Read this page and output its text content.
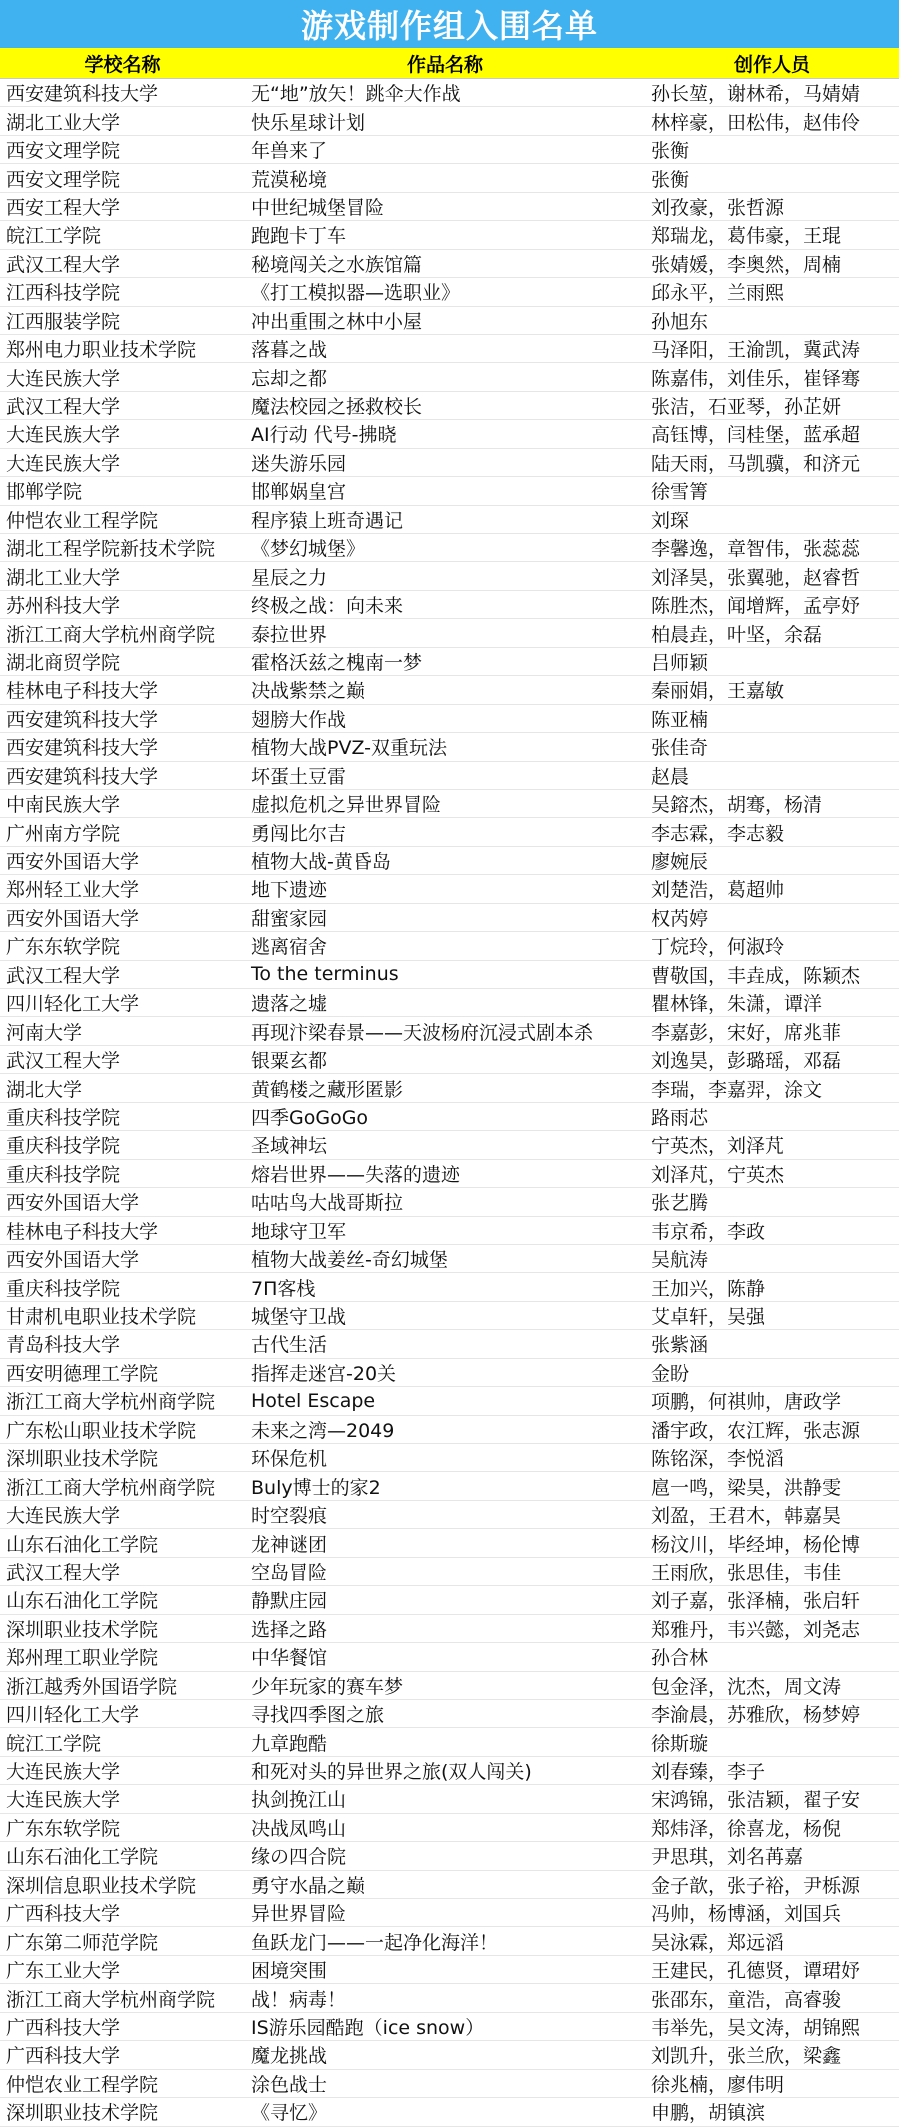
游戏制作组入围名单
学校名称	作品名称	创作人员
西安建筑科技大学	无“地”放矢！跳伞大作战	孙长堃，谢林希，马婧婧
湖北工业大学	快乐星球计划	林梓豪，田松伟，赵伟伶
西安文理学院	年兽来了	张衡
西安文理学院	荒漠秘境	张衡
西安工程大学	中世纪城堡冒险	刘孜豪，张哲源
皖江工学院	跑跑卡丁车	郑瑞龙，葛伟豪，王琨
武汉工程大学	秘境闯关之水族馆篇	张婧媛，李奥然，周楠
江西科技学院	《打工模拟器—选职业》	邱永平，兰雨熙
江西服装学院	冲出重围之林中小屋	孙旭东
郑州电力职业技术学院	落暮之战	马泽阳，王渝凯，冀武涛
大连民族大学	忘却之都	陈嘉伟，刘佳乐，崔铎骞
武汉工程大学	魔法校园之拯救校长	张洁，石亚琴，孙芷妍
大连民族大学	AI行动 代号-拂晓	高钰博，闫桂堡，蓝承超
大连民族大学	迷失游乐园	陆天雨，马凯骥，和济元
邯郸学院	邯郸娲皇宫	徐雪箐
仲恺农业工程学院	程序猿上班奇遇记	刘琛
湖北工程学院新技术学院	《梦幻城堡》	李馨逸，章智伟，张蕊蕊
湖北工业大学	星辰之力	刘泽昊，张翼驰，赵睿哲
苏州科技大学	终极之战：向未来	陈胜杰，闻增辉，孟亭妤
浙江工商大学杭州商学院	泰拉世界	柏晨垚，叶坚，余磊
湖北商贸学院	霍格沃兹之槐南一梦	吕师颖
桂林电子科技大学	决战紫禁之巅	秦丽娟，王嘉敏
西安建筑科技大学	翅膀大作战	陈亚楠
西安建筑科技大学	植物大战PVZ-双重玩法	张佳奇
西安建筑科技大学	坏蛋土豆雷	赵晨
中南民族大学	虚拟危机之异世界冒险	吴鎔杰，胡骞，杨清
广州南方学院	勇闯比尔吉	李志霖，李志毅
西安外国语大学	植物大战-黄昏岛	廖婉辰
郑州轻工业大学	地下遗迹	刘楚浩，葛超帅
西安外国语大学	甜蜜家园	权芮婷
广东东软学院	逃离宿舍	丁烷玲，何淑玲
武汉工程大学	To the terminus	曹敬国，丰垚成，陈颖杰
四川轻化工大学	遗落之墟	瞿林锋，朱潇，谭洋
河南大学	再现汴梁春景——天波杨府沉浸式剧本杀	李嘉彭，宋好，席兆菲
武汉工程大学	银粟玄都	刘逸昊，彭璐瑶，邓磊
湖北大学	黄鹤楼之藏形匿影	李瑞，李嘉羿，涂文
重庆科技学院	四季GoGoGo	路雨芯
重庆科技学院	圣域神坛	宁英杰，刘泽芃
重庆科技学院	熔岩世界——失落的遗迹	刘泽芃，宁英杰
西安外国语大学	咕咕鸟大战哥斯拉	张艺腾
桂林电子科技大学	地球守卫军	韦京希，李政
西安外国语大学	植物大战姜丝-奇幻城堡	吴航涛
重庆科技学院	7Π客栈	王加兴，陈静
甘肃机电职业技术学院	城堡守卫战	艾卓轩，吴强
青岛科技大学	古代生活	张紫涵
西安明德理工学院	指挥走迷宫-20关	金盼
浙江工商大学杭州商学院	Hotel Escape	项鹏，何祺帅，唐政学
广东松山职业技术学院	未来之湾—2049	潘宇政，农江辉，张志源
深圳职业技术学院	环保危机	陈铭深，李悦滔
浙江工商大学杭州商学院	Buly博士的家2	扈一鸣，梁昊，洪静雯
大连民族大学	时空裂痕	刘盈，王君木，韩嘉昊
山东石油化工学院	龙神谜团	杨汶川，毕经坤，杨伦博
武汉工程大学	空岛冒险	王雨欣，张思佳，韦佳
山东石油化工学院	静默庄园	刘子嘉，张泽楠，张启轩
深圳职业技术学院	选择之路	郑雅丹，韦兴懿，刘尧志
郑州理工职业学院	中华餐馆	孙合林
浙江越秀外国语学院	少年玩家的赛车梦	包金泽，沈杰，周文涛
四川轻化工大学	寻找四季图之旅	李渝晨，苏雅欣，杨梦婷
皖江工学院	九章跑酷	徐斯璇
大连民族大学	和死对头的异世界之旅(双人闯关)	刘春臻，李子
大连民族大学	执剑挽江山	宋鸿锦，张洁颖，翟子安
广东东软学院	决战凤鸣山	郑炜泽，徐喜龙，杨倪
山东石油化工学院	缘の四合院	尹思琪，刘名苒嘉
深圳信息职业技术学院	勇守水晶之巅	金子歆，张子裕，尹栎源
广西科技大学	异世界冒险	冯帅，杨博涵，刘国兵
广东第二师范学院	鱼跃龙门——一起净化海洋！	吴泳霖，郑远滔
广东工业大学	困境突围	王建民，孔德贤，谭珺妤
浙江工商大学杭州商学院	战！病毒！	张邵东，童浩，高睿骏
广西科技大学	IS游乐园酷跑（ice snow）	韦举先，吴文涛，胡锦熙
广西科技大学	魔龙挑战	刘凯升，张兰欣，梁鑫
仲恺农业工程学院	涂色战士	徐兆楠，廖伟明
深圳职业技术学院	《寻忆》	申鹏，胡镇滨
